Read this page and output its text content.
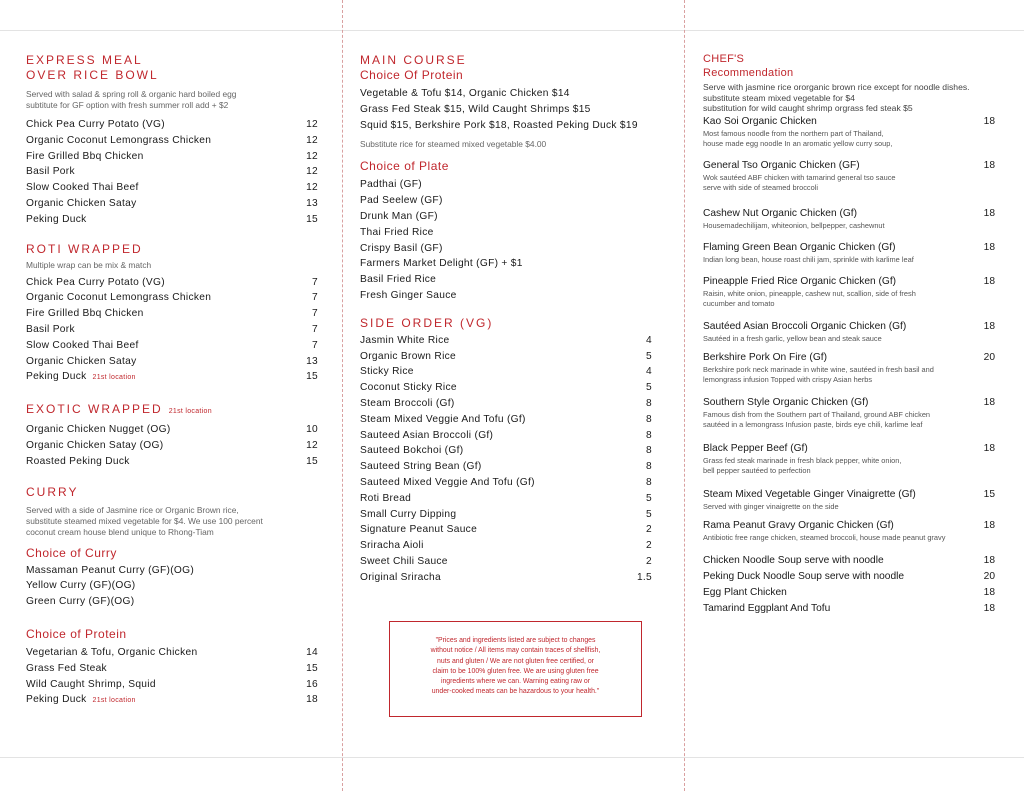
EXPRESS MEAL
OVER RICE BOWL
Served with salad & spring roll & organic hard boiled egg
subtitute for GF option with fresh summer roll add + $2
Chick Pea Curry Potato (VG)	12
Organic Coconut Lemongrass Chicken	12
Fire Grilled Bbq Chicken	12
Basil Pork	12
Slow Cooked Thai Beef	12
Organic Chicken Satay	13
Peking Duck	15
ROTI WRAPPED
Multiple wrap can be mix & match
Chick Pea Curry Potato (VG)	7
Organic Coconut Lemongrass Chicken	7
Fire Grilled Bbq Chicken	7
Basil Pork	7
Slow Cooked Thai Beef	7
Organic Chicken Satay	13
Peking Duck 21st location	15
EXOTIC WRAPPED 21st location
Organic Chicken Nugget (OG)	10
Organic Chicken Satay (OG)	12
Roasted Peking Duck	15
CURRY
Served with a side of Jasmine rice or Organic Brown rice,
substitute steamed mixed vegetable for $4. We use 100 percent
coconut cream house blend unique to Rhong-Tiam
Choice of Curry
Massaman Peanut Curry (GF)(OG)
Yellow Curry (GF)(OG)
Green Curry (GF)(OG)
Choice of Protein
Vegetarian & Tofu, Organic Chicken	14
Grass Fed Steak	15
Wild Caught Shrimp, Squid	16
Peking Duck 21st location	18
MAIN COURSE
Choice Of Protein
Vegetable & Tofu $14, Organic Chicken $14
Grass Fed Steak $15, Wild Caught Shrimps $15
Squid $15, Berkshire Pork $18, Roasted Peking Duck $19
Substitute rice for steamed mixed vegetable $4.00
Choice of Plate
Padthai (GF)
Pad Seelew (GF)
Drunk Man (GF)
Thai Fried Rice
Crispy Basil (GF)
Farmers Market Delight (GF) + $1
Basil Fried Rice
Fresh Ginger Sauce
SIDE ORDER (VG)
Jasmin White Rice	4
Organic Brown Rice	5
Sticky Rice	4
Coconut Sticky Rice	5
Steam Broccoli (Gf)	8
Steam Mixed Veggie And Tofu (Gf)	8
Sauteed Asian Broccoli (Gf)	8
Sauteed Bokchoi (Gf)	8
Sauteed String Bean (Gf)	8
Sauteed Mixed Veggie And Tofu (Gf)	8
Roti Bread	5
Small Curry Dipping	5
Signature Peanut Sauce	2
Sriracha Aioli	2
Sweet Chili Sauce	2
Original Sriracha	1.5
"Prices and ingredients listed are subject to changes
without notice / All items may contain traces of shellfish,
nuts and gluten / We are not gluten free certified, or
claim to be 100% gluten free. We are using gluten free
ingredients where we can. Warning eating raw or
under-cooked meats can be hazardous to your health."
CHEF'S
Recommendation
Serve with jasmine rice ororganic brown rice except for noodle dishes.
substitute steam mixed vegetable for $4
substitution for wild caught shrimp orgrass fed steak $5
Kao Soi Organic Chicken	18
Most famous noodle from the northern part of Thailand,
house made egg noodle In an aromatic yellow curry soup,
General Tso Organic Chicken (GF)	18
Wok sautéed ABF chicken with tamarind general tso sauce
serve with side of steamed broccoli
Cashew Nut Organic Chicken (Gf)	18
Housemadechilijam, whiteonion, bellpepper, cashewnut
Flaming Green Bean Organic Chicken (Gf)	18
Indian long bean, house roast chili jam, sprinkle with karlime leaf
Pineapple Fried Rice Organic Chicken (Gf)	18
Raisin, white onion, pineapple, cashew nut, scallion, side of fresh
cucumber and tomato
Sautéed Asian Broccoli Organic Chicken (Gf)	18
Sautéed in a fresh garlic, yellow bean and steak sauce
Berkshire Pork On Fire (Gf)	20
Berkshire pork neck marinade in white wine, sautéed in fresh basil and
lemongrass infusion Topped with crispy Asian herbs
Southern Style Organic Chicken (Gf)	18
Famous dish from the Southern part of Thailand, ground ABF chicken
sautéed in a lemongrass Infusion paste, birds eye chili, karlime leaf
Black Pepper Beef (Gf)	18
Grass fed steak marinade in fresh black pepper, white onion,
bell pepper sautéed to perfection
Steam Mixed Vegetable Ginger Vinaigrette (Gf)	15
Served with ginger vinaigrette on the side
Rama Peanut Gravy Organic Chicken (Gf)	18
Antibiotic free range chicken, steamed broccoli, house made peanut gravy
Chicken Noodle Soup serve with noodle	18
Peking Duck Noodle Soup serve with noodle	20
Egg Plant Chicken	18
Tamarind Eggplant And Tofu	18
